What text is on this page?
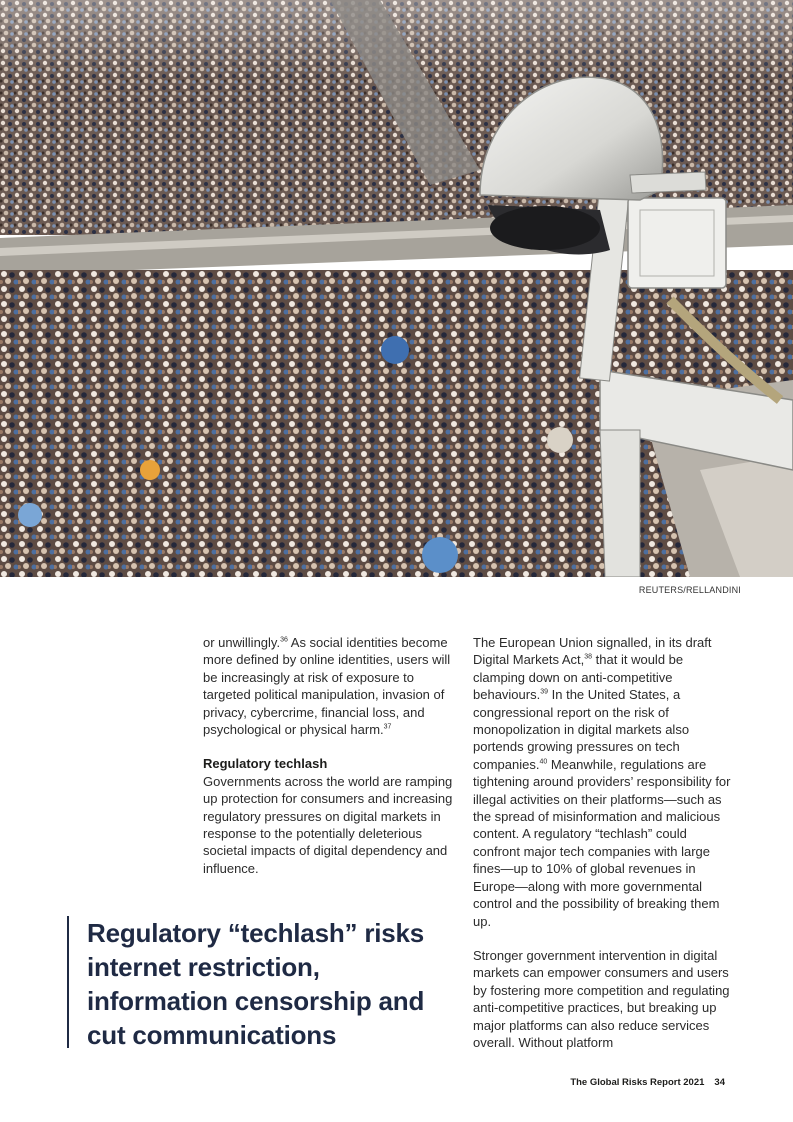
REUTERS/RELLANDINI

or unwillingly.$^{36}$ As social identities become more defined by online identities, users will be increasingly at risk of exposure to targeted political manipulation, invasion of privacy, cybercrime, financial loss, and psychological or physical harm.$^{37}$

Regulatory techlash

Governments across the world are ramping up protection for consumers and increasing regulatory pressures on digital markets in response to the potentially deleterious societal impacts of digital dependency and influence.

The European Union signalled, in its draft Digital Markets Act,$^{38}$ that it would be clamping down on anti-competitive behaviours.$^{39}$ In the United States, a congressional report on the risk of monopolization in digital markets also portends growing pressures on tech companies.$^{40}$ Meanwhile, regulations are tightening around providers’ responsibility for illegal activities on their platforms—such as the spread of misinformation and malicious content. A regulatory “techlash” could confront major tech companies with large fines—up to 10% of global revenues in Europe—along with more governmental control and the possibility of breaking them up.

Stronger government intervention in digital markets can empower consumers and users by fostering more competition and regulating anti-competitive practices, but breaking up major platforms can also reduce services overall. Without platform

Regulatory “techlash” risks internet restriction, information censorship and cut communications
The Global Risks Report 2021 34
